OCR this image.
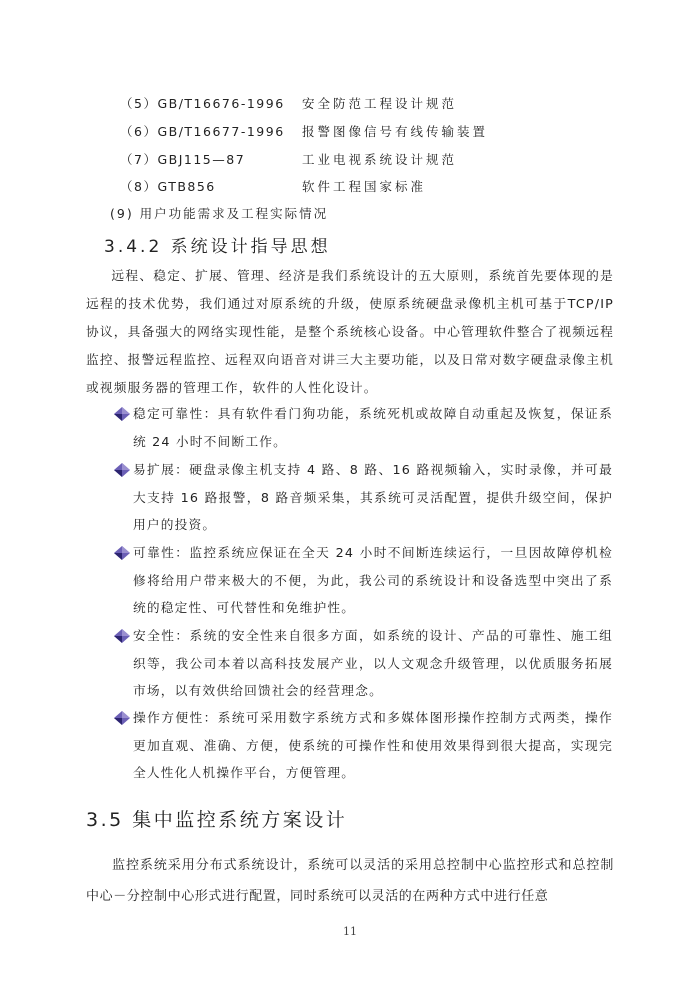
（5）GB/T16676-1996 安全防范工程设计规范
（6）GB/T16677-1996 报警图像信号有线传输装置
（7）GBJ115—87	工业电视系统设计规范
（8）GTB856	软件工程国家标准
(9) 用户功能需求及工程实际情况
3.4.2 系统设计指导思想
远程、稳定、扩展、管理、经济是我们系统设计的五大原则，系统首先要体现的是远程的技术优势，我们通过对原系统的升级，使原系统硬盘录像机主机可基于TCP/IP 协议，具备强大的网络实现性能，是整个系统核心设备。中心管理软件整合了视频远程监控、报警远程监控、远程双向语音对讲三大主要功能，以及日常对数字硬盘录像主机或视频服务器的管理工作，软件的人性化设计。
稳定可靠性：具有软件看门狗功能，系统死机或故障自动重起及恢复，保证系统 24 小时不间断工作。
易扩展：硬盘录像主机支持 4 路、8 路、16 路视频输入，实时录像，并可最大支持 16 路报警，8 路音频采集，其系统可灵活配置，提供升级空间，保护用户的投资。
可靠性：监控系统应保证在全天 24 小时不间断连续运行，一旦因故障停机检修将给用户带来极大的不便，为此，我公司的系统设计和设备选型中突出了系统的稳定性、可代替性和免维护性。
安全性：系统的安全性来自很多方面，如系统的设计、产品的可靠性、施工组织等，我公司本着以高科技发展产业，以人文观念升级管理，以优质服务拓展市场，以有效供给回馈社会的经营理念。
操作方便性：系统可采用数字系统方式和多媒体图形操作控制方式两类，操作更加直观、准确、方便，使系统的可操作性和使用效果得到很大提高，实现完全人性化人机操作平台，方便管理。
3.5 集中监控系统方案设计
监控系统采用分布式系统设计，系统可以灵活的采用总控制中心监控形式和总控制中心－分控制中心形式进行配置，同时系统可以灵活的在两种方式中进行任意
11
